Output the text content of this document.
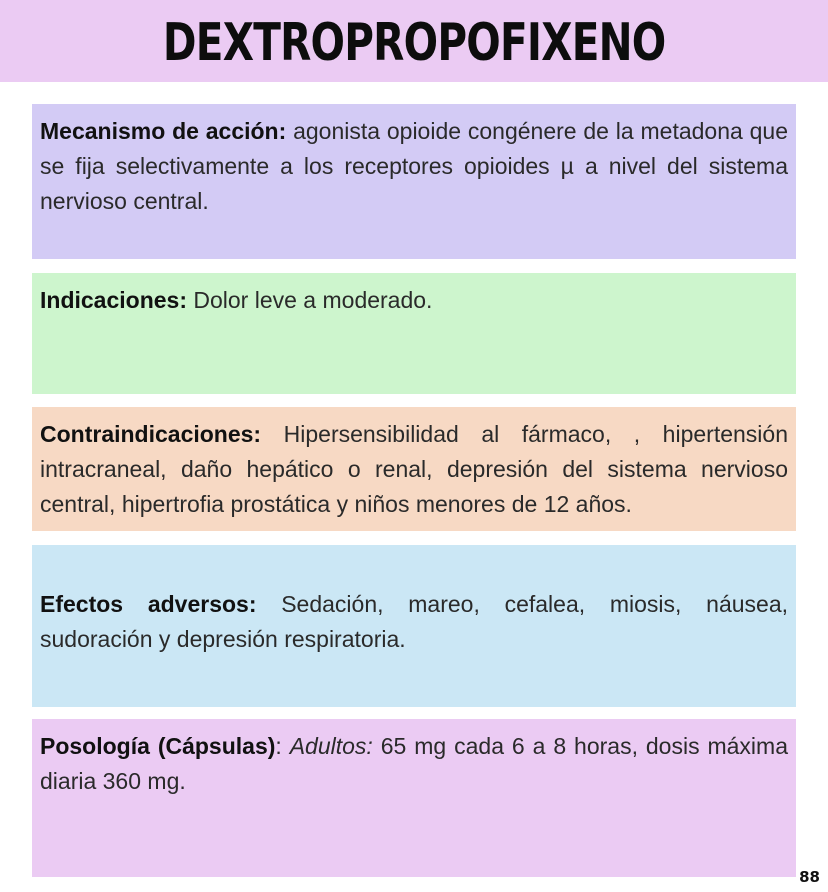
DEXTROPROPOFIXENO
Mecanismo de acción: agonista opioide congénere de la metadona que se fija selectivamente a los receptores opioides µ a nivel del sistema nervioso central.
Indicaciones: Dolor leve a moderado.
Contraindicaciones: Hipersensibilidad al fármaco, , hipertensión intracraneal, daño hepático o renal, depresión del sistema nervioso central, hipertrofia prostática y niños menores de 12 años.
Efectos adversos: Sedación, mareo, cefalea, miosis, náusea, sudoración y depresión respiratoria.
Posología (Cápsulas): Adultos: 65 mg cada 6 a 8 horas, dosis máxima diaria 360 mg.
88
